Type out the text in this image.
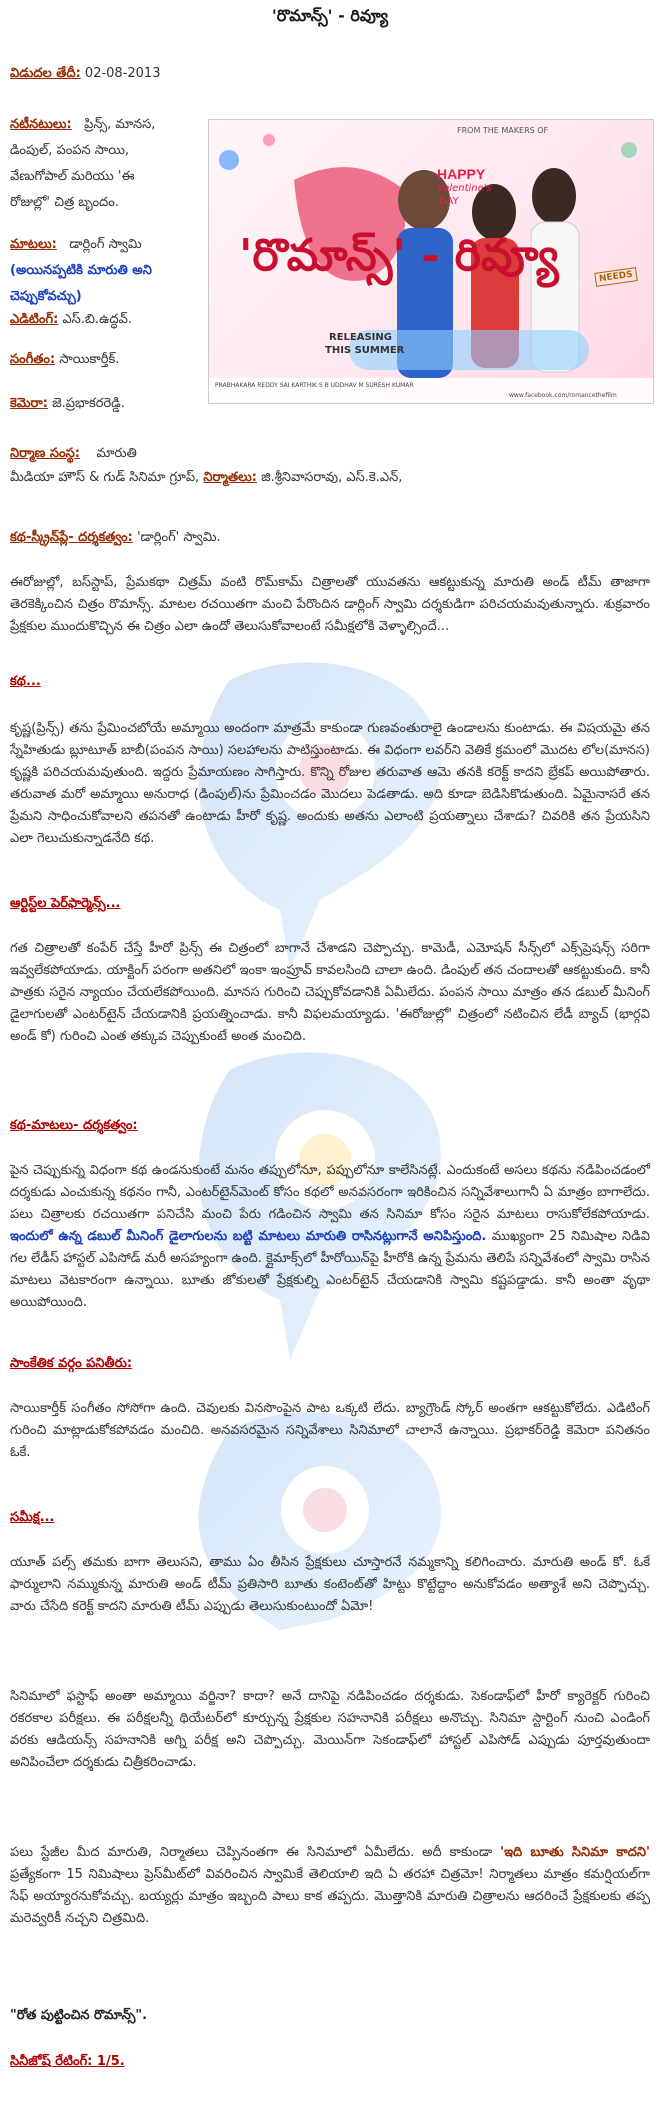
'రొమాన్స్' - రివ్యూ
విడుదల తేదీ: 02-08-2013
నటీనటులు: ప్రిన్స్, మానస,
డింపుల్, పంపన సాయి,
వేణుగోపాల్ మరియు 'ఈ
రోజుల్లో' చిత్ర బృందం.
మాటలు: డార్లింగ్ స్వామి
(అయినప్పటికి మారుతి అని
చెప్పుకోవచ్చు)
ఎడిటింగ్: ఎస్.బి.ఉద్ధవ్.
సంగీతం: సాయికార్తీక్.
కెమెరా: జె.ప్రభాకరరెడ్డి.
నిర్మాణ సంస్థ: మారుతి
మీడియా హౌస్ & గుడ్ సినిమా గ్రూప్, నిర్మాతలు: జి.శ్రీనివాసరావు, ఎస్.కె.ఎన్,
కథ-స్క్రీన్‌ప్లే- దర్శకత్వం: 'డార్లింగ్' స్వామి.
FROM THE MAKERS OF
HAPPY
Valentine's
DAY
'రొమాన్స్' - రివ్యూ
RELEASING
THIS SUMMER
NEEDS
PRABHAKARA REDDY SAI KARTHIK S B UDDHAV M SURESH KUMAR
www.facebook.com/romancethefilm
ఈరోజుల్లో, బస్‌స్టాప్, ప్రేమకథా చిత్రమ్ వంటి రొమ్‌కామ్ చిత్రాలతో యువతను ఆకట్టుకున్న మారుతి అండ్ టీమ్ తాజాగా తెరకెక్కించిన చిత్రం రొమాన్స్. మాటల రచయితగా మంచి పేరొందిన డార్లింగ్ స్వామి దర్శకుడిగా పరిచయమవుతున్నారు. శుక్రవారం ప్రేక్షకుల ముందుకొచ్చిన ఈ చిత్రం ఎలా ఉందో తెలుసుకోవాలంటే సమీక్షలోకి వెళ్ళాల్సిందే...
కథ...
కృష్ణ(ప్రిన్స్) తను ప్రేమించబోయే అమ్మాయి అందంగా మాత్రమే కాకుండా గుణవంతురాలై ఉండాలను కుంటాడు. ఈ విషయమై తన స్నేహితుడు బ్లూటూత్ బాబీ(పంపన సాయి) సలహాలను పాటిస్తుంటాడు. ఈ విధంగా లవర్‌ని వెతికే క్రమంలో మొదట లోల(మానస) కృష్ణకి పరిచయమవుతుంది. ఇద్దరు ప్రేమాయణం సాగిస్తారు. కొన్ని రోజుల తరువాత ఆమె తనకి కరెక్ట్ కాదని బ్రేకప్ అయిపోతారు. తరువాత మరో అమ్మాయి అనురాధ (డింపుల్)ను ప్రేమించడం మొదలు పెడతాడు. అది కూడా బెడిసికొడుతుంది. ఏమైనాసరే తన ప్రేమని సాధించుకోవాలని తపనతో ఉంటాడు హీరో కృష్ణ. అందుకు అతను ఎలాంటి ప్రయత్నాలు చేశాడు? చివరికి తన ప్రేయసిని ఎలా గెలుచుకున్నాడనేది కథ.
ఆర్టిస్ట్‌ల పెర్‌ఫార్మెన్స్...
గత చిత్రాలతో కంపేర్ చేస్తే హీరో ప్రిన్స్ ఈ చిత్రంలో బాగానే చేశాడని చెప్పొచ్చు. కామెడీ, ఎమోషన్ సీన్స్‌లో ఎక్స్‌ప్రెషన్స్ సరిగా ఇవ్వలేకపోయాడు. యాక్టింగ్ పరంగా అతనిలో ఇంకా ఇంప్రూవ్ కావలసింది చాలా ఉంది. డింపుల్ తన చందాలతో ఆకట్టుకుంది. కానీ పాత్రకు సరైన న్యాయం చేయలేకపోయింది. మానస గురించి చెప్పుకోవడానికి ఏమీలేదు. పంపన సాయి మాత్రం తన డబుల్ మీనింగ్ డైలాగులతో ఎంటర్‌టైన్ చేయడానికి ప్రయత్నించాడు. కానీ విఫలమయ్యాడు. 'ఈరోజుల్లో' చిత్రంలో నటించిన లేడీ బ్యాచ్ (భార్గవి అండ్ కో) గురించి ఎంత తక్కువ చెప్పుకుంటే అంత మంచిది.
కథ-మాటలు- దర్శకత్వం:
పైన చెప్పుకున్న విధంగా కథ ఉండనుకుంటే మనం తప్పులోనూ, పప్పులోనూ కాలేసినట్లే. ఎందుకంటే అసలు కథను నడిపించడంలో దర్శకుడు ఎంచుకున్న కథనం గానీ, ఎంటర్‌టైన్‌మెంట్ కోసం కథలో అనవసరంగా ఇరికించిన సన్నివేశాలుగానీ ఏ మాత్రం బాగాలేదు. పలు చిత్రాలకు రచయితగా పనిచేసి మంచి పేరు గడించిన స్వామి తన సినిమా కోసం సరైన మాటలు రాసుకోలేకపోయాడు. ఇందులో ఉన్న డబుల్ మీనింగ్ డైలాగులను బట్టి మాటలు మారుతి రాసినట్లుగానే అనిపిస్తుంది. ముఖ్యంగా 25 నిమిషాల నిడివి గల లేడీస్ హాస్టల్ ఎపిసోడ్ మరీ అసహ్యంగా ఉంది. క్లైమాక్స్‌లో హీరోయిన్‌పై హీరోకి ఉన్న ప్రేమను తెలిపే సన్నివేశంలో స్వామి రాసిన మాటలు వెటకారంగా ఉన్నాయి. బూతు జోకులతో ప్రేక్షకుల్ని ఎంటర్‌టైన్ చేయడానికి స్వామి కష్టపడ్డాడు. కానీ అంతా వృథా అయిపోయింది.
సాంకేతిక వర్గం పనితీరు:
సాయికార్తీక్ సంగీతం సోసోగా ఉంది. చెవులకు వినసొంపైన పాట ఒక్కటి లేదు. బ్యాగ్రౌండ్ స్కోర్ అంతగా ఆకట్టుకోలేదు. ఎడిటింగ్ గురించి మాట్లాడుకోకపోవడం మంచిది. అనవసరమైన సన్నివేశాలు సినిమాలో చాలానే ఉన్నాయి. ప్రభాకర్‌రెడ్డి కెమెరా పనితనం ఓకే.
సమీక్ష...
యూత్ పల్స్ తమకు బాగా తెలుసని, తాము ఏం తీసిన ప్రేక్షకులు చూస్తారనే నమ్మకాన్ని కలిగించారు. మారుతి అండ్ కో. ఓకే ఫార్ములాని నమ్ముకున్న మారుతి అండ్ టీమ్ ప్రతిసారి బూతు కంటెంట్‌తో హిట్టు కొట్టేద్దాం అనుకోవడం అత్యాశే అని చెప్పొచ్చు. వారు చేసేది కరెక్ట్ కాదని మారుతి టీమ్ ఎప్పుడు తెలుసుకుంటుందో ఏమో!
సినిమాలో ఫస్టాఫ్ అంతా అమ్మాయి వర్జినా? కాదా? అనే దానిపై నడిపించడం దర్శకుడు. సెకండాఫ్‌లో హీరో క్యారెక్టర్ గురించి రకరకాల పరీక్షలు. ఈ పరీక్షలన్నీ థియేటర్‌లో కూర్చున్న ప్రేక్షకుల సహనానికి పరీక్షలు అనొచ్చు. సినిమా స్టార్టింగ్ నుంచి ఎండింగ్ వరకు ఆడియన్స్ సహనానికి అగ్ని పరీక్ష అని చెప్పొచ్చు. మెయిన్‌గా సెకండాఫ్‌లో హాస్టల్ ఎపిసోడ్ ఎప్పుడు పూర్తవుతుందా అనిపించేలా దర్శకుడు చిత్రీకరించాడు.
పలు స్టేజీల మీద మారుతి, నిర్మాతలు చెప్పినంతగా ఈ సినిమాలో ఏమీలేదు. అదీ కాకుండా 'ఇది బూతు సినిమా కాదని' ప్రత్యేకంగా 15 నిమిషాలు ప్రెస్‌మీట్‌లో వివరించిన స్వామికే తెలియాలి ఇది ఏ తరహా చిత్రమో! నిర్మాతలు మాత్రం కమర్షియల్‌గా సేఫ్ అయ్యారనుకోవచ్చు. బయ్యర్లు మాత్రం ఇబ్బంది పాలు కాక తప్పదు. మొత్తానికి మారుతి చిత్రాలను ఆదరించే ప్రేక్షకులకు తప్ప మరెవ్వరికీ నచ్చని చిత్రమిది.
"రోత పుట్టించిన రొమాన్స్".
సినీజోష్ రేటింగ్: 1/5.
